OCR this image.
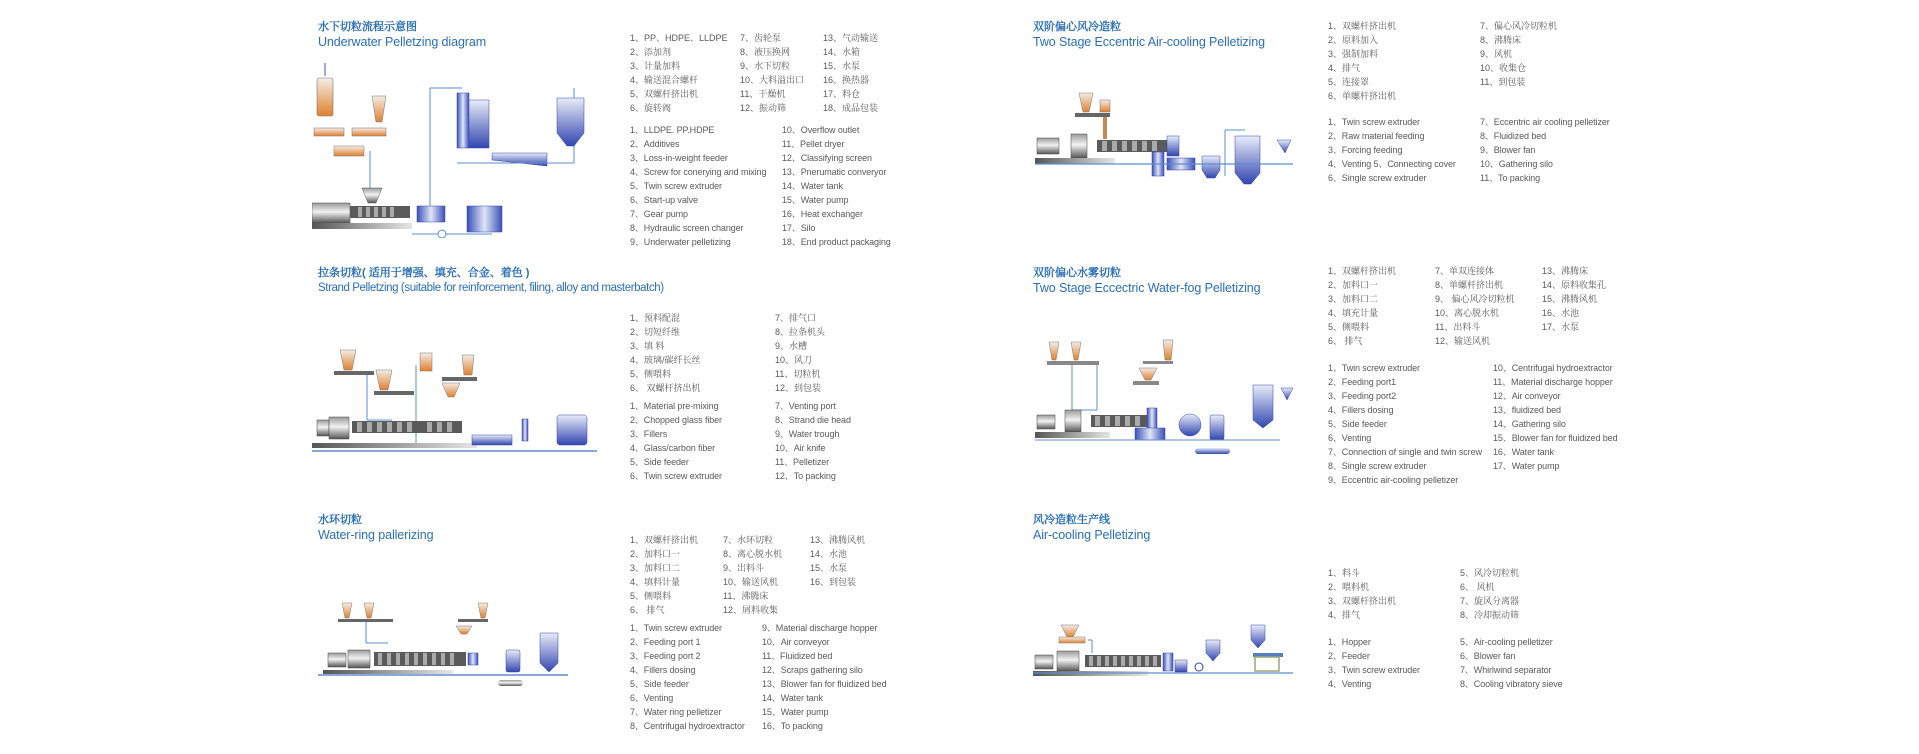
水下切粒流程示意图
Underwater Pelletzing diagram	1、PP、HDPE、LLDPE
2、添加剂
3、计量加料
4、输送混合螺杆
5、双螺杆挤出机
6、旋转阀
7、齿轮泵
8、液压换网
9、水下切粒
10、大料溢出口
11、干燥机
12、振动筛
13、气动输送
14、水箱
15、水泵
16、换热器
17、料仓
18、成品包装
1、LLDPE. PP.HDPE
2、Additives
3、Loss-in-weight feeder
4、Screw for conerying and mixing
5、Twin screw extruder
6、Start-up valve
7、Gear pump
8、Hydraulic screen changer
9、Underwater pelletizing
10、Overflow outlet
11、Pellet dryer
12、Classifying screen
13、Pnerumatic converyor
14、Water tank
15、Water pump
16、Heat exchanger
17、Silo
18、End product packaging
拉条切粒( 适用于增强、填充、合金、着色 )
Strand Pelletzing (suitable for reinforcement, filing, alloy and masterbatch)
1、预料配混
2、切短纤维
3、填 料
4、玻璃/碳纤长丝
5、侧喂料
6、 双螺杆挤出机
7、排气口
8、拉条机头
9、水槽
10、风刀
11、切粒机
12、到包装
1、Material pre-mixing
2、Chopped glass fiber
3、Fillers
4、Glass/carbon fiber
5、Side feeder
6、Twin screw extruder
7、Venting port
8、Strand die head
9、Water trough
10、Air knife
11、Pelletizer
12、To packing
水环切粒
Water-ring pallerizing	1、双螺杆挤出机
2、加料口一
3、加料口二
4、填料计量
5、侧喂料
6、 排气
7、水环切粒
8、离心脱水机
9、出料斗
10、输送风机
11、沸腾床
12、屑料收集
13、沸腾风机
14、水池
15、水泵
16、到包装
1、Twin screw extruder
2、Feeding port 1
3、Feeding port 2
4、Fillers dosing
5、Side feeder
6、Venting
7、Water ring pelletizer
8、Centrifugal hydroextractor
9、Material discharge hopper
10、Air conveyor
11、Fluidized bed
12、Scraps gathering silo
13、Blower fan for fluidized bed
14、Water tank
15、Water pump
16、To packing
双阶偏心风冷造粒
Two Stage Eccentric Air-cooling Pelletizing
1、双螺杆挤出机
2、原料加入
3、强制加料
4、排气
5、连接罩
6、单螺杆挤出机
7、偏心风冷切粒机
8、沸腾床
9、风机
10、收集仓
11、到包装
1、Twin screw extruder
2、Raw material feeding
3、Forcing feeding
4、Venting 5、Connecting cover
6、Single screw extruder
7、Eccentric air cooling pelletizer
8、Fluidized bed
9、Blower fan
10、Gathering silo
11、To packing
双阶偏心水雾切粒
Two Stage Eccectric Water-fog Pelletizing
1、双螺杆挤出机
2、加料口一
3、加料口二
4、填充计量
5、侧喂料
6、 排气
7、单双连接体
8、单螺杆挤出机
9、 偏心风冷切粒机
10、离心脱水机
11、出料斗
12、输送风机
13、沸腾床
14、原料收集孔
15、沸腾风机
16、水池
17、水泵
1、Twin screw extruder
2、Feeding port1
3、Feeding port2
4、Fillers dosing
5、Side feeder
6、Venting
7、Connection of single and twin screw
8、Single screw extruder
9、Eccentric air-cooling pelletizer
10、Centrifugal hydroextractor
11、Material discharge hopper
12、Air conveyor
13、fluidized bed
14、Gathering silo
15、Blower fan for fluidized bed
16、Water tank
17、Water pump
风冷造粒生产线
Air-cooling Pelletizing
1、料斗
2、喂料机
3、双螺杆挤出机
4、排气
5、风冷切粒机
6、 风机
7、旋风分离器
8、冷却振动筛
1、Hopper
2、Feeder
3、Twin screw extruder
4、Venting
5、Air-cooling pelletizer
6、Blower fan
7、Whirlwind separator
8、Cooling vibratory sieve
